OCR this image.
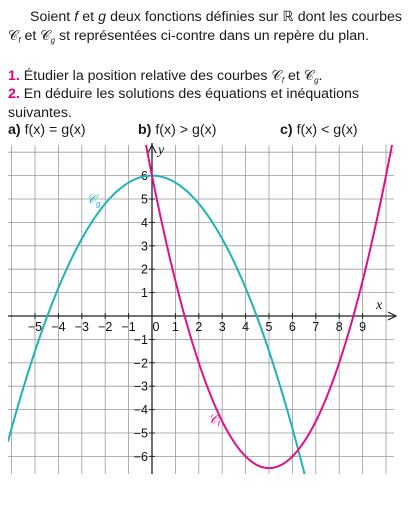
Soient f et g deux fonctions définies sur ℝ dont les courbes 𝒞$_f$ et 𝒞$_g$ st représentées ci-contre dans un repère du plan.
1. Étudier la position relative des courbes 𝒞$_f$ et 𝒞$_g$.
2. En déduire les solutions des équations et inéquations suivantes.
a) f(x) = g(x)	b) f(x) > g(x)	c) f(x) < g(x)
y
x
−5 −4 −3 −2 −1 0 1 2 3 4 5 6 7 8 9
−6
−5
−4
−3
−2
−1
1
2
3
4
5
6
𝒞$_g$
𝒞$_f$
